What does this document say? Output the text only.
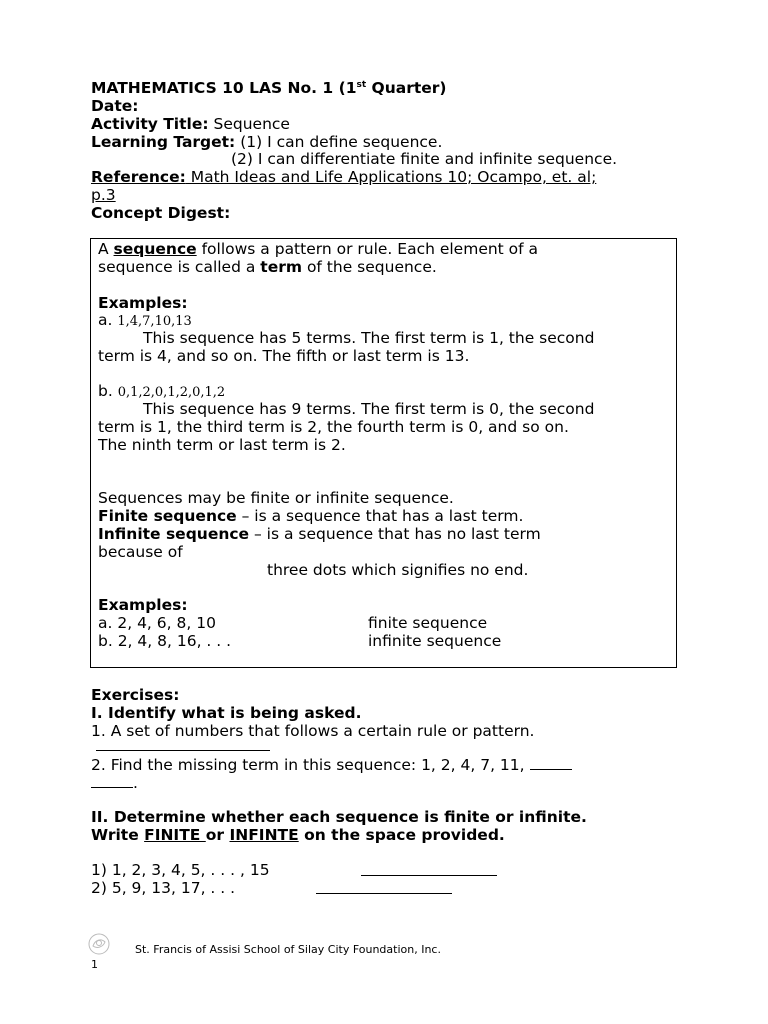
MATHEMATICS 10 LAS No. 1 (1st Quarter)
Date:
Activity Title: Sequence
Learning Target: (1) I can define sequence.
(2) I can differentiate finite and infinite sequence.
Reference: Math Ideas and Life Applications 10; Ocampo, et. al;
p.3
Concept Digest:
A sequence follows a pattern or rule. Each element of a
sequence is called a term of the sequence.
Examples:
a. 1,4,7,10,13
This sequence has 5 terms. The first term is 1, the second
term is 4, and so on. The fifth or last term is 13.
b. 0,1,2,0,1,2,0,1,2
This sequence has 9 terms. The first term is 0, the second
term is 1, the third term is 2, the fourth term is 0, and so on.
The ninth term or last term is 2.
Sequences may be finite or infinite sequence.
Finite sequence – is a sequence that has a last term.
Infinite sequence – is a sequence that has no last term
because of
three dots which signifies no end.
Examples:
a. 2, 4, 6, 8, 10	finite sequence
b. 2, 4, 8, 16, . . .	infinite sequence
Exercises:
I. Identify what is being asked.
1. A set of numbers that follows a certain rule or pattern.
2. Find the missing term in this sequence: 1, 2, 4, 7, 11,
.
II. Determine whether each sequence is finite or infinite.
Write FINITE or INFINTE on the space provided.
1) 1, 2, 3, 4, 5, . . . , 15
2) 5, 9, 13, 17, . . .
St. Francis of Assisi School of Silay City Foundation, Inc.
1
